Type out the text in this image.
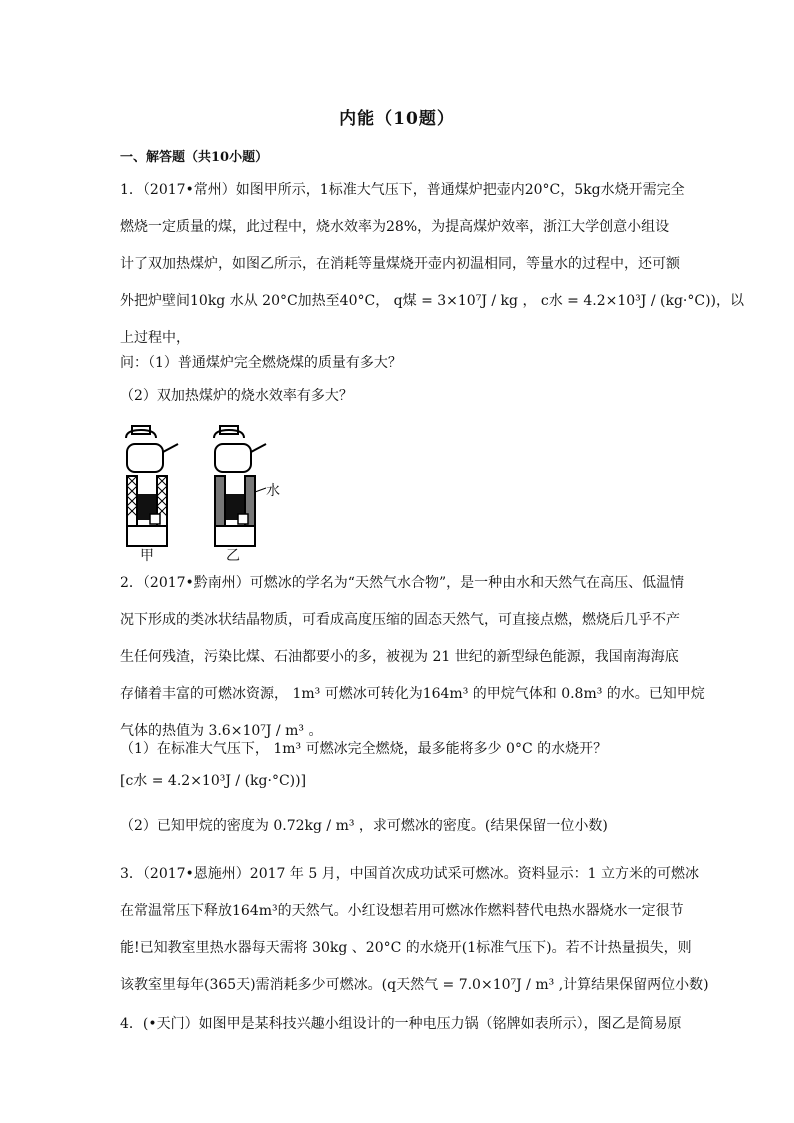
内能（10题）
一、解答题（共10小题）
1．（2017•常州）如图甲所示，1标准大气压下，普通煤炉把壶内20°C，5kg水烧开需完全
燃烧一定质量的煤，此过程中，烧水效率为28%，为提高煤炉效率，浙江大学创意小组设
计了双加热煤炉，如图乙所示，在消耗等量煤烧开壶内初温相同，等量水的过程中，还可额
外把炉壁间10kg 水从 20°C加热至40°C， q煤 = 3×10⁷J / kg ， c水 = 4.2×10³J / (kg·°C))，以
上过程中，
问：（1）普通煤炉完全燃烧煤的质量有多大？
（2）双加热煤炉的烧水效率有多大？
甲	乙
水
2．（2017•黔南州）可燃冰的学名为“天然气水合物”，是一种由水和天然气在高压、低温情
况下形成的类冰状结晶物质，可看成高度压缩的固态天然气，可直接点燃，燃烧后几乎不产
生任何残渣，污染比煤、石油都要小的多，被视为 21 世纪的新型绿色能源，我国南海海底
存储着丰富的可燃冰资源， 1m³ 可燃冰可转化为164m³ 的甲烷气体和 0.8m³ 的水。已知甲烷
气体的热值为 3.6×10⁷J / m³ 。
（1）在标准大气压下， 1m³ 可燃冰完全燃烧，最多能将多少 0°C 的水烧开？
[c水 = 4.2×10³J / (kg·°C))]
（2）已知甲烷的密度为 0.72kg / m³ ，求可燃冰的密度。(结果保留一位小数)
3．（2017•恩施州）2017 年 5 月，中国首次成功试采可燃冰。资料显示：1 立方米的可燃冰
在常温常压下释放164m³的天然气。小红设想若用可燃冰作燃料替代电热水器烧水一定很节
能!已知教室里热水器每天需将 30kg 、20°C 的水烧开(1标准气压下)。若不计热量损失，则
该教室里每年(365天)需消耗多少可燃冰。(q天然气 = 7.0×10⁷J / m³ ,计算结果保留两位小数)
4．(•天门）如图甲是某科技兴趣小组设计的一种电压力锅（铭牌如表所示），图乙是简易原
